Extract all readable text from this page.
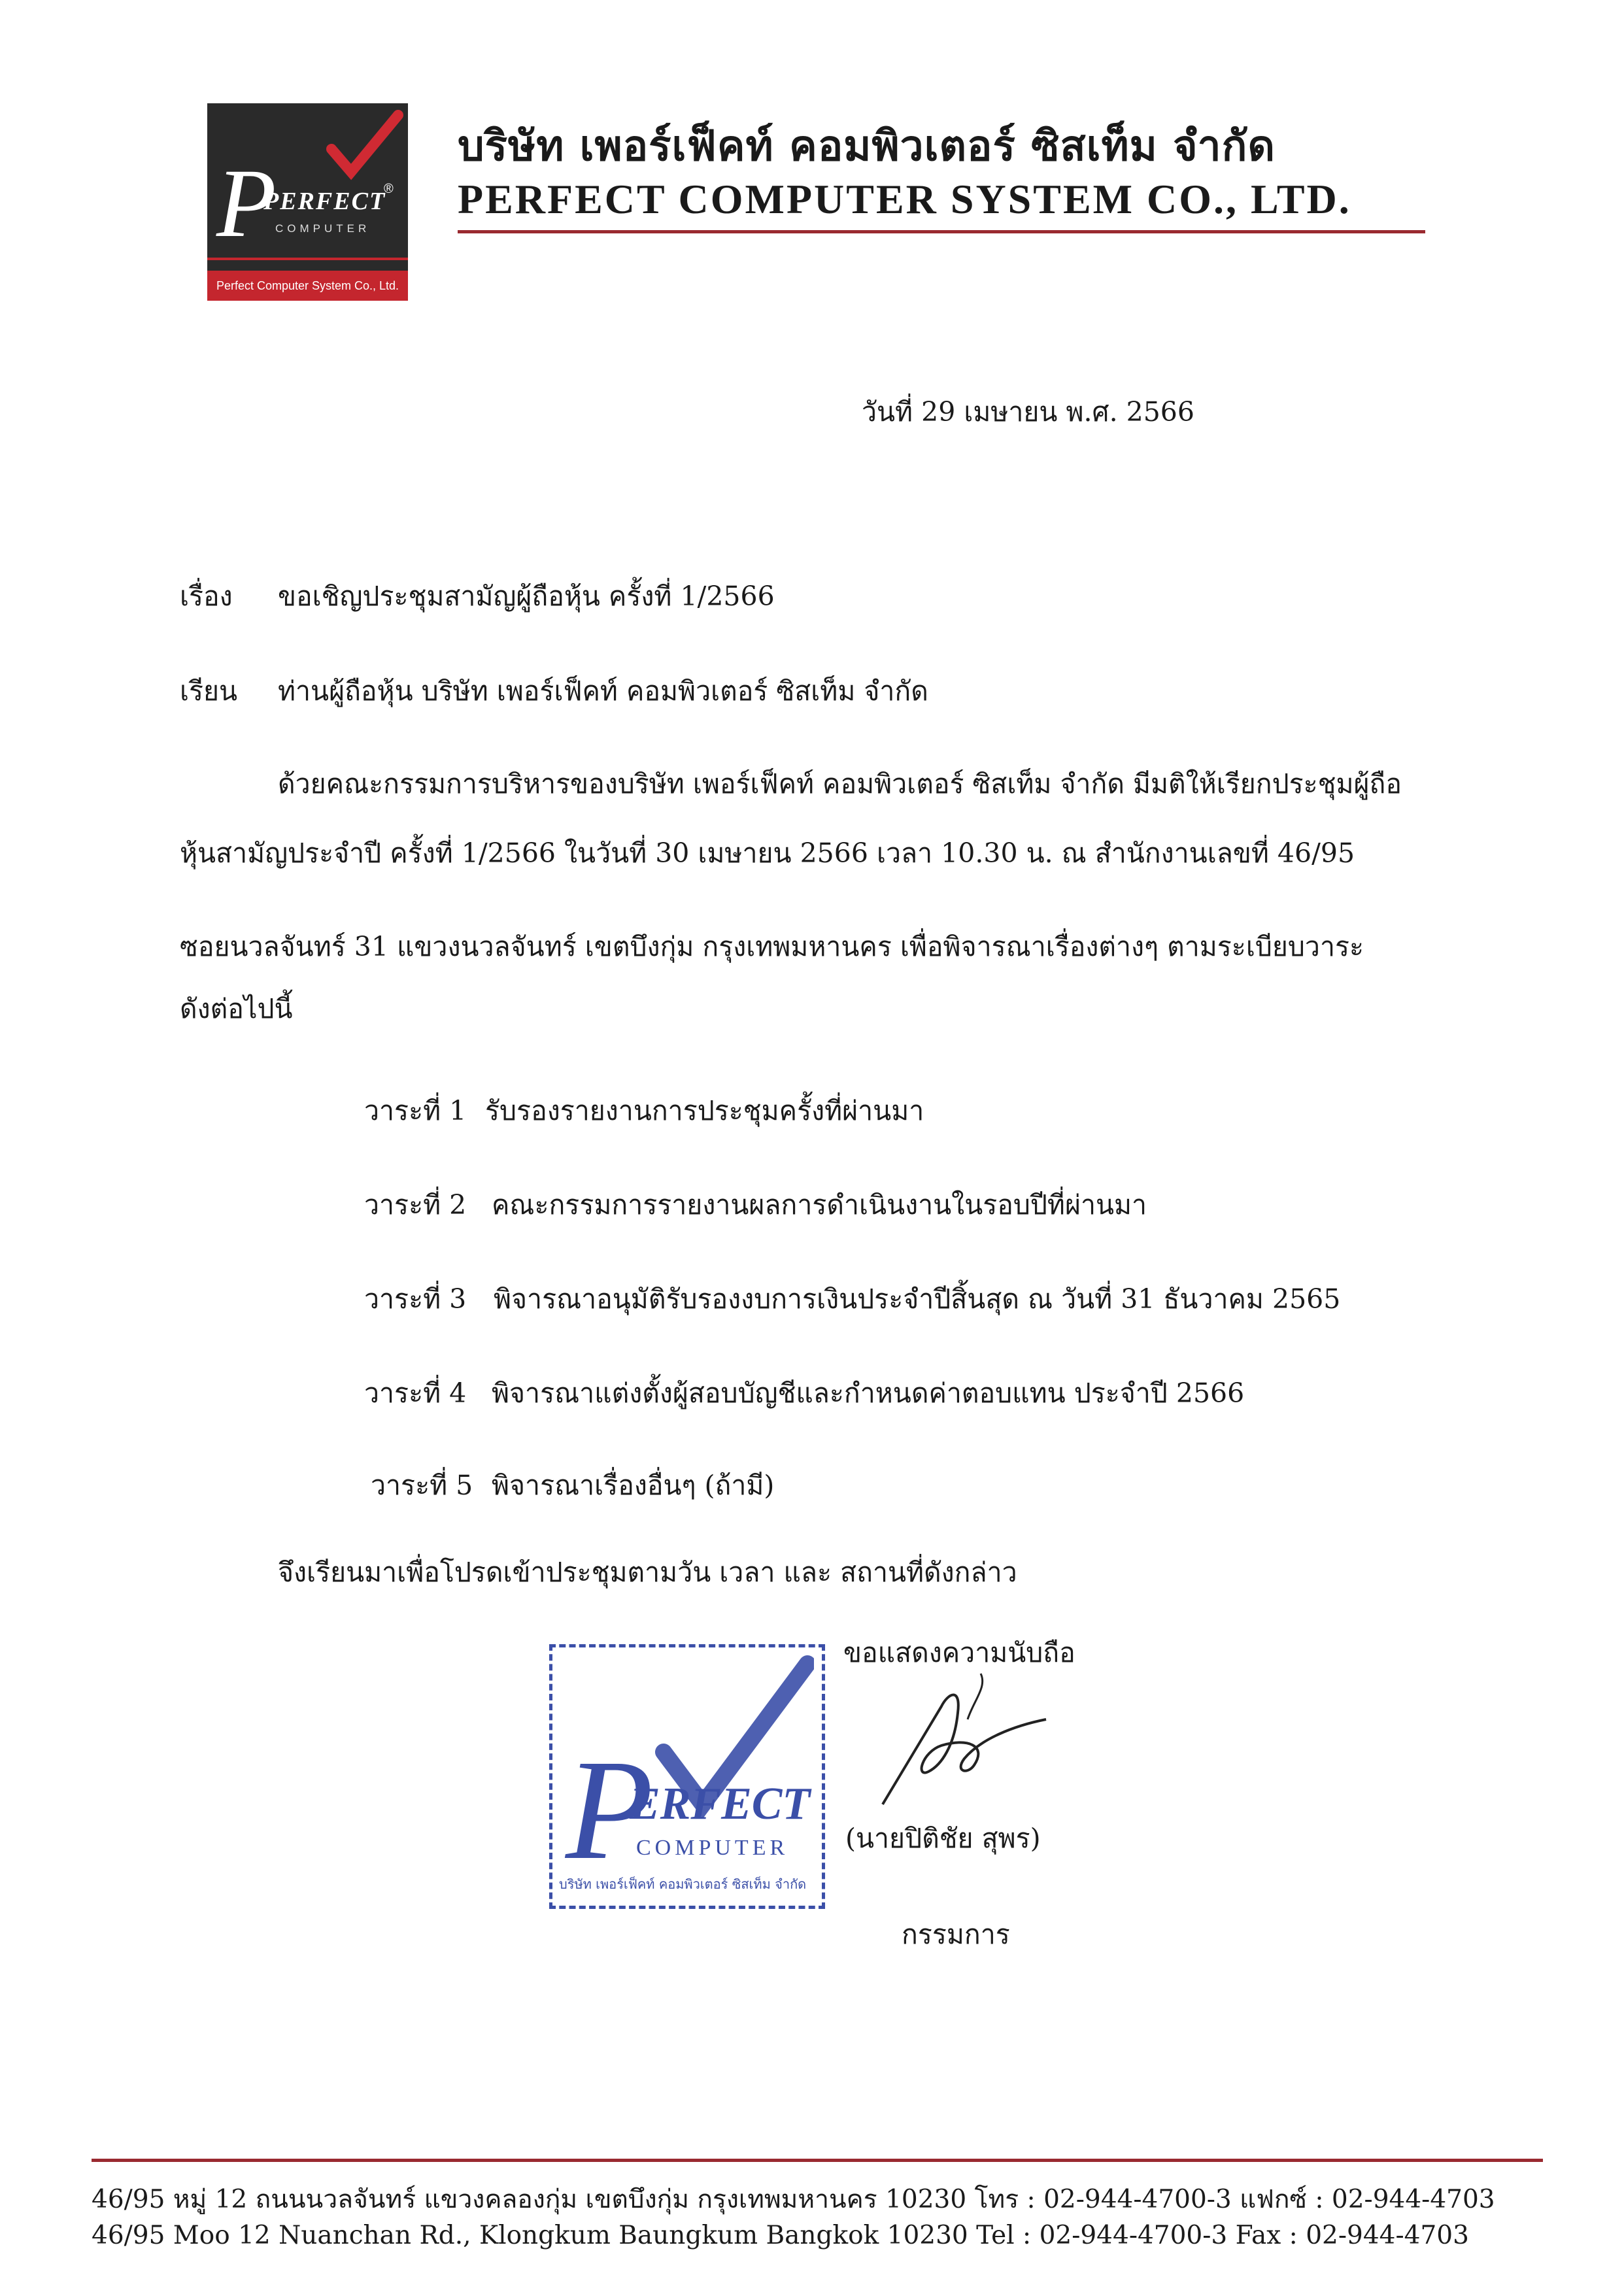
P
PERFECT
®
COMPUTER
Perfect Computer System Co., Ltd.
บริษัท เพอร์เฟ็คท์ คอมพิวเตอร์ ซิสเท็ม จำกัด
PERFECT COMPUTER SYSTEM CO., LTD.
วันที่ 29 เมษายน พ.ศ. 2566
เรื่อง ขอเชิญประชุมสามัญผู้ถือหุ้น ครั้งที่ 1/2566
เรียน ท่านผู้ถือหุ้น บริษัท เพอร์เฟ็คท์ คอมพิวเตอร์ ซิสเท็ม จำกัด
ด้วยคณะกรรมการบริหารของบริษัท เพอร์เฟ็คท์ คอมพิวเตอร์ ซิสเท็ม จำกัด มีมติให้เรียกประชุมผู้ถือ
หุ้นสามัญประจำปี ครั้งที่ 1/2566 ในวันที่ 30 เมษายน 2566 เวลา 10.30 น. ณ สำนักงานเลขที่ 46/95
ซอยนวลจันทร์ 31 แขวงนวลจันทร์ เขตบึงกุ่ม กรุงเทพมหานคร เพื่อพิจารณาเรื่องต่างๆ ตามระเบียบวาระ
ดังต่อไปนี้
วาระที่ 1 รับรองรายงานการประชุมครั้งที่ผ่านมา
วาระที่ 2 คณะกรรมการรายงานผลการดำเนินงานในรอบปีที่ผ่านมา
วาระที่ 3 พิจารณาอนุมัติรับรองงบการเงินประจำปีสิ้นสุด ณ วันที่ 31 ธันวาคม 2565
วาระที่ 4 พิจารณาแต่งตั้งผู้สอบบัญชีและกำหนดค่าตอบแทน ประจำปี 2566
วาระที่ 5 พิจารณาเรื่องอื่นๆ (ถ้ามี)
จึงเรียนมาเพื่อโปรดเข้าประชุมตามวัน เวลา และ สถานที่ดังกล่าว
P
ERFECT
COMPUTER
บริษัท เพอร์เฟ็คท์ คอมพิวเตอร์ ซิสเท็ม จำกัด
ขอแสดงความนับถือ
(นายปิติชัย สุพร)
กรรมการ
46/95 หมู่ 12 ถนนนวลจันทร์ แขวงคลองกุ่ม เขตบึงกุ่ม กรุงเทพมหานคร 10230 โทร : 02-944-4700-3 แฟกซ์ : 02-944-4703
46/95 Moo 12 Nuanchan Rd., Klongkum Baungkum Bangkok 10230 Tel : 02-944-4700-3 Fax : 02-944-4703
